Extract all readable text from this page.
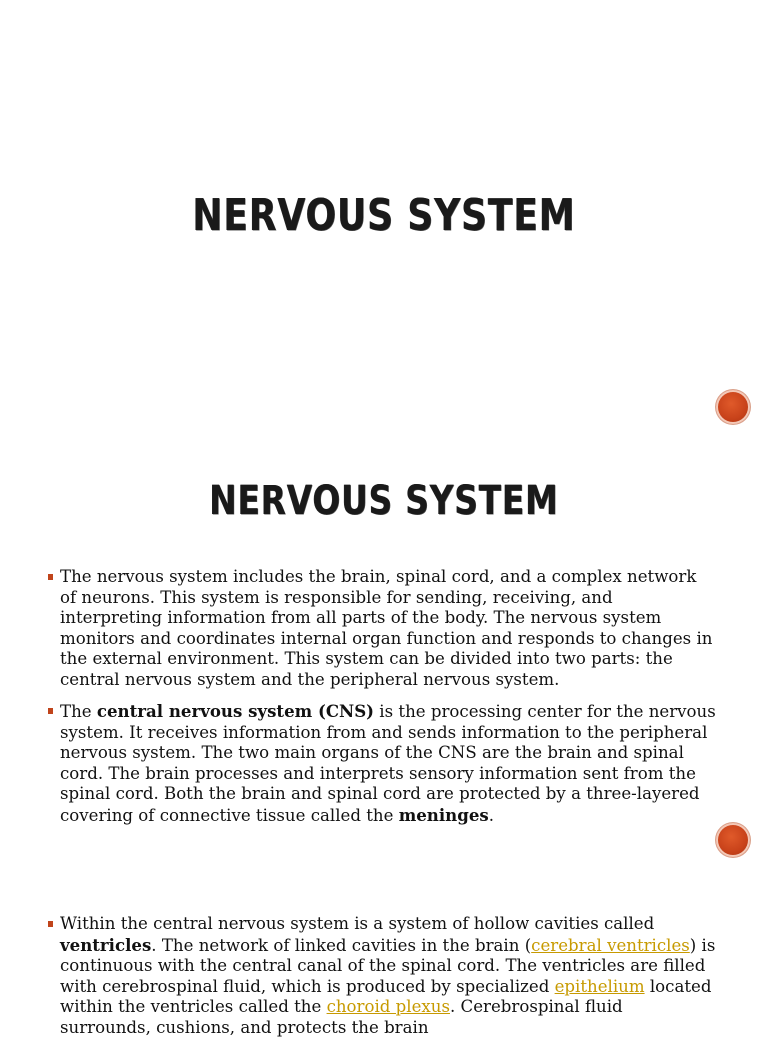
NERVOUS SYSTEM
NERVOUS SYSTEM
The nervous system includes the brain, spinal cord, and a complex network of neurons. This system is responsible for sending, receiving, and interpreting information from all parts of the body. The nervous system monitors and coordinates internal organ function and responds to changes in the external environment. This system can be divided into two parts: the central nervous system and the peripheral nervous system.
The central nervous system (CNS) is the processing center for the nervous system. It receives information from and sends information to the peripheral nervous system. The two main organs of the CNS are the brain and spinal cord. The brain processes and interprets sensory information sent from the spinal cord. Both the brain and spinal cord are protected by a three-layered covering of connective tissue called the meninges.
Within the central nervous system is a system of hollow cavities called ventricles. The network of linked cavities in the brain (cerebral ventricles) is continuous with the central canal of the spinal cord. The ventricles are filled with cerebrospinal fluid, which is produced by specialized epithelium located within the ventricles called the choroid plexus. Cerebrospinal fluid surrounds, cushions, and protects the brain
